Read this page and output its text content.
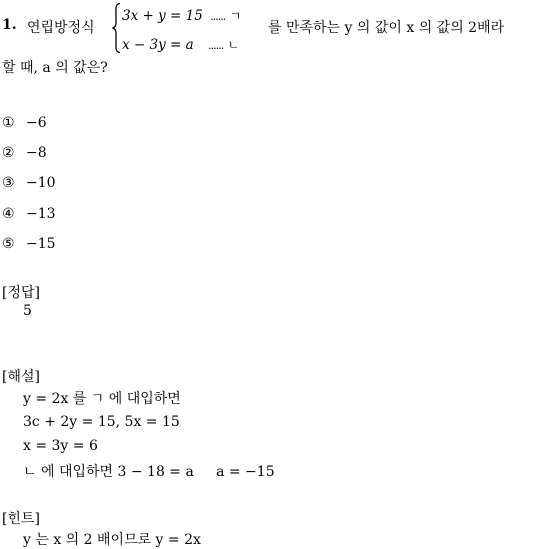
1. 연립방정식
3x + y = 15 ...... ㄱ
x − 3y = a ...... ㄴ
를 만족하는 y 의 값이 x 의 값의 2배라
할 때, a 의 값은?
① −6
② −8
③ −10
④ −13
⑤ −15
[정답]
5
[해설]
y = 2x 를 ㄱ 에 대입하면
3c + 2y = 15, 5x = 15
x = 3y = 6
ㄴ 에 대입하면 3 − 18 = a     a = −15
[힌트]
y 는 x 의 2 배이므로 y = 2x
